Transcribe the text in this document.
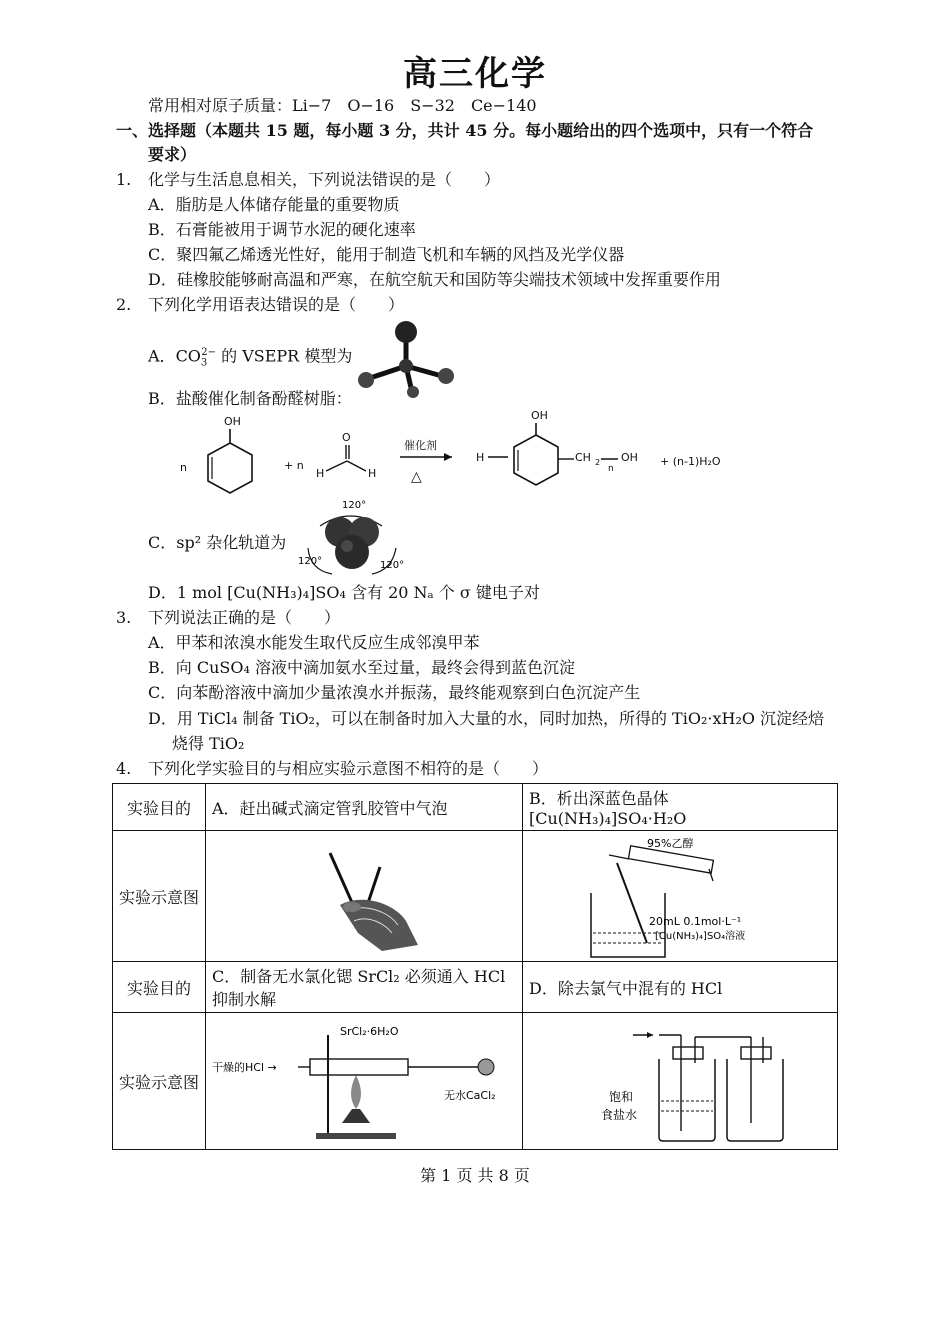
高三化学
常用相对原子质量：Li−7　O−16　S−32　Ce−140
一、选择题（本题共 15 题，每小题 3 分，共计 45 分。每小题给出的四个选项中，只有一个符合
要求）
1. 化学与生活息息相关，下列说法错误的是（　　）
A．脂肪是人体储存能量的重要物质
B．石膏能被用于调节水泥的硬化速率
C．聚四氟乙烯透光性好，能用于制造飞机和车辆的风挡及光学仪器
D．硅橡胶能够耐高温和严寒，在航空航天和国防等尖端技术领域中发挥重要作用
2. 下列化学用语表达错误的是（　　）
A．$CO_3^{2-}$ 的 VSEPR 模型为
B．盐酸催化制备酚醛树脂：
n
OH
+ n
H
O
H
催化剂
△
H
OH
CH 2
n
OH + (n-1)H₂O
C．sp² 杂化轨道为
120°
120°	120°
D．1 mol [Cu(NH₃)₄]SO₄ 含有 20 Nₐ 个 σ 键电子对
3. 下列说法正确的是（　　）
A．甲苯和浓溴水能发生取代反应生成邻溴甲苯
B．向 CuSO₄ 溶液中滴加氨水至过量，最终会得到蓝色沉淀
C．向苯酚溶液中滴加少量浓溴水并振荡，最终能观察到白色沉淀产生
D．用 TiCl₄ 制备 TiO₂，可以在制备时加入大量的水，同时加热，所得的 TiO₂·xH₂O 沉淀经焙
烧得 TiO₂
4. 下列化学实验目的与相应实验示意图不相符的是（　　）
实验目的	A．赶出碱式滴定管乳胶管中气泡	B．析出深蓝色晶体 [Cu(NH₃)₄]SO₄·H₂O
实验示意图		95%乙醇
20mL 0.1mol·L⁻¹
[Cu(NH₃)₄]SO₄溶液

实验目的	C．制备无水氯化锶 SrCl₂ 必须通入 HCl 抑制水解	D．除去氯气中混有的 HCl
实验示意图	SrCl₂·6H₂O
干燥的HCl →
无水CaCl₂	饱和
食盐水
第 1 页 共 8 页
